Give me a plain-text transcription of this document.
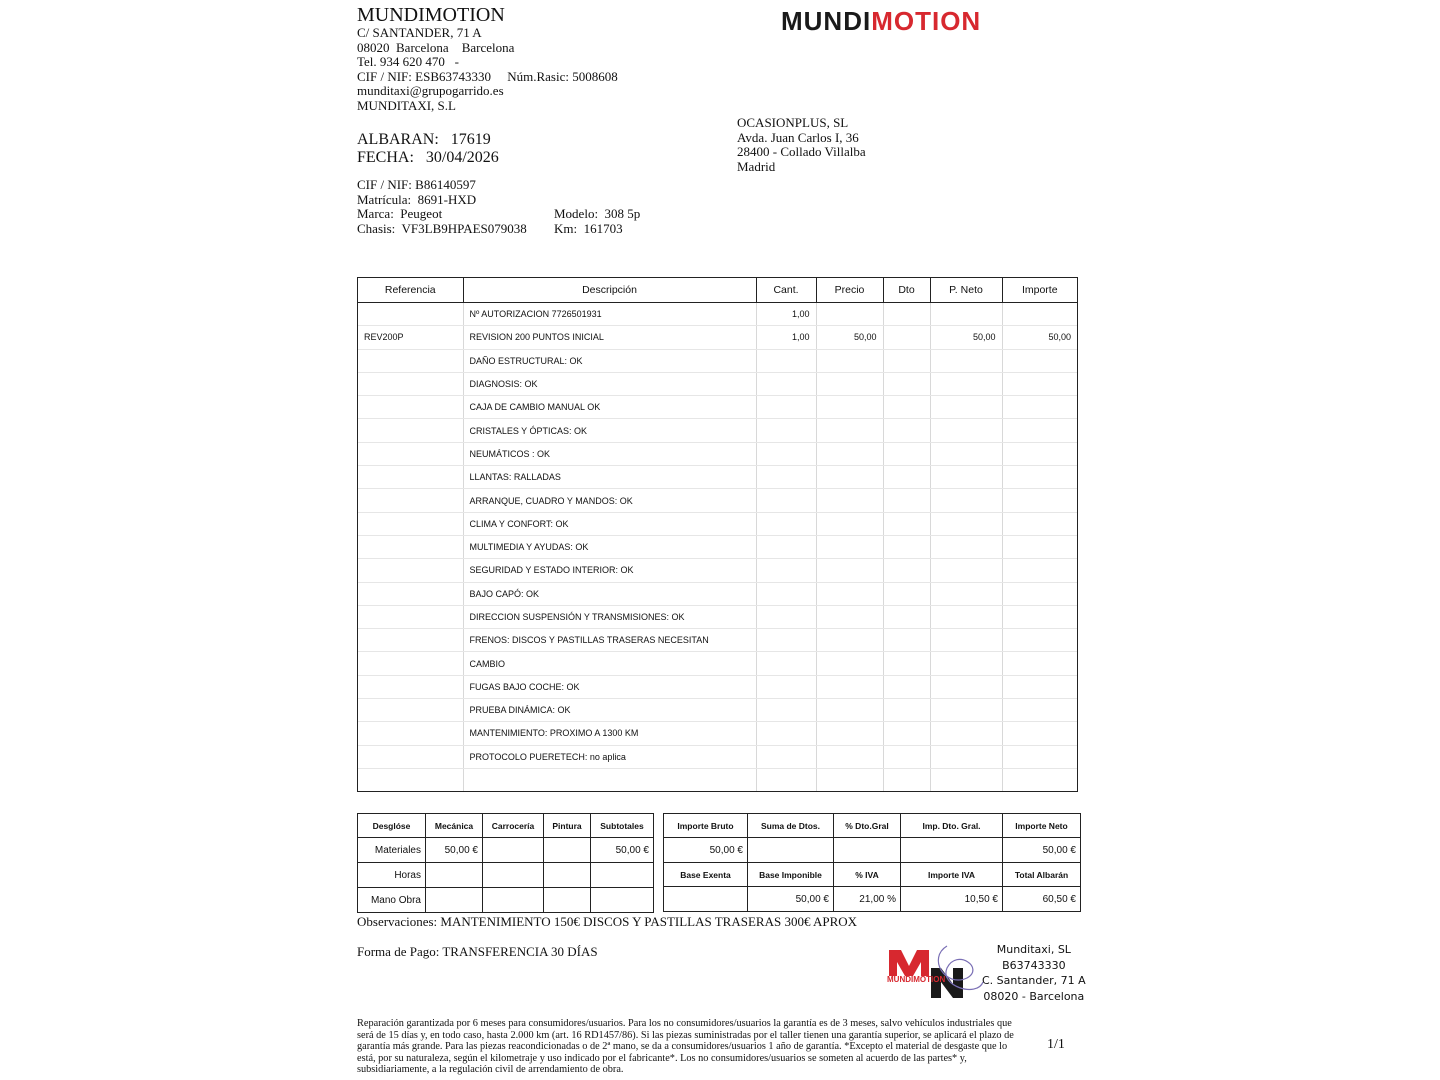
MUNDIMOTION
C/ SANTANDER, 71 A
08020  Barcelona    Barcelona
Tel. 934 620 470   -
CIF / NIF: ESB63743330     Núm.Rasic: 5008608
munditaxi@grupogarrido.es
MUNDITAXI, S.L
MUNDIMOTION
OCASIONPLUS, SL
Avda. Juan Carlos I, 36
28400 - Collado Villalba
Madrid
ALBARAN:   17619
FECHA:   30/04/2026
CIF / NIF: B86140597
Matrícula:  8691-HXD
Marca:  Peugeot	Modelo:  308 5p
Chasis:  VF3LB9HPAES079038 Km:  161703
Referencia	Descripción	Cant.	Precio	Dto	P. Neto	Importe
	Nº AUTORIZACION 7726501931	1,00				
REV200P	REVISION 200 PUNTOS INICIAL	1,00	50,00		50,00	50,00
	DAÑO ESTRUCTURAL: OK					
	DIAGNOSIS: OK					
	CAJA DE CAMBIO MANUAL OK					
	CRISTALES Y ÓPTICAS: OK					
	NEUMÁTICOS : OK					
	LLANTAS: RALLADAS					
	ARRANQUE, CUADRO Y MANDOS: OK					
	CLIMA Y CONFORT: OK					
	MULTIMEDIA Y AYUDAS: OK					
	SEGURIDAD Y ESTADO INTERIOR: OK					
	BAJO CAPÓ: OK					
	DIRECCION SUSPENSIÓN Y TRANSMISIONES: OK					
	FRENOS: DISCOS Y PASTILLAS TRASERAS NECESITAN					
	CAMBIO					
	FUGAS BAJO COCHE: OK					
	PRUEBA DINÁMICA: OK					
	MANTENIMIENTO: PROXIMO A 1300 KM					
	PROTOCOLO PUERETECH: no aplica					

Desglóse	Mecánica	Carrocería	Pintura	Subtotales
Materiales	50,00 €			50,00 €
Horas				
Mano Obra				
Importe Bruto	Suma de Dtos.	% Dto.Gral	Imp. Dto. Gral.	Importe Neto
50,00 €				50,00 €
Base Exenta	Base Imponible	% IVA	Importe IVA	Total Albarán
	50,00 €	21,00 %	10,50 €	60,50 €
Observaciones: MANTENIMIENTO 150€ DISCOS Y PASTILLAS TRASERAS 300€ APROX
Forma de Pago: TRANSFERENCIA 30 DÍAS
MUNDIMOTION
Munditaxi, SL
B63743330
C. Santander, 71 A
08020 - Barcelona
Reparación garantizada por 6 meses para consumidores/usuarios. Para los no consumidores/usuarios la garantía es de 3 meses, salvo vehículos industriales que será de 15 días y, en todo caso, hasta 2.000 km (art. 16 RD1457/86). Si las piezas suministradas por el taller tienen una garantía superior, se aplicará el plazo de garantía más grande. Para las piezas reacondicionadas o de 2ª mano, se da a consumidores/usuarios 1 año de garantía. *Excepto el material de desgaste que lo está, por su naturaleza, según el kilometraje y uso indicado por el fabricante*. Los no consumidores/usuarios se someten al acuerdo de las partes* y, subsidiariamente, a la regulación civil de arrendamiento de obra.
1/1
